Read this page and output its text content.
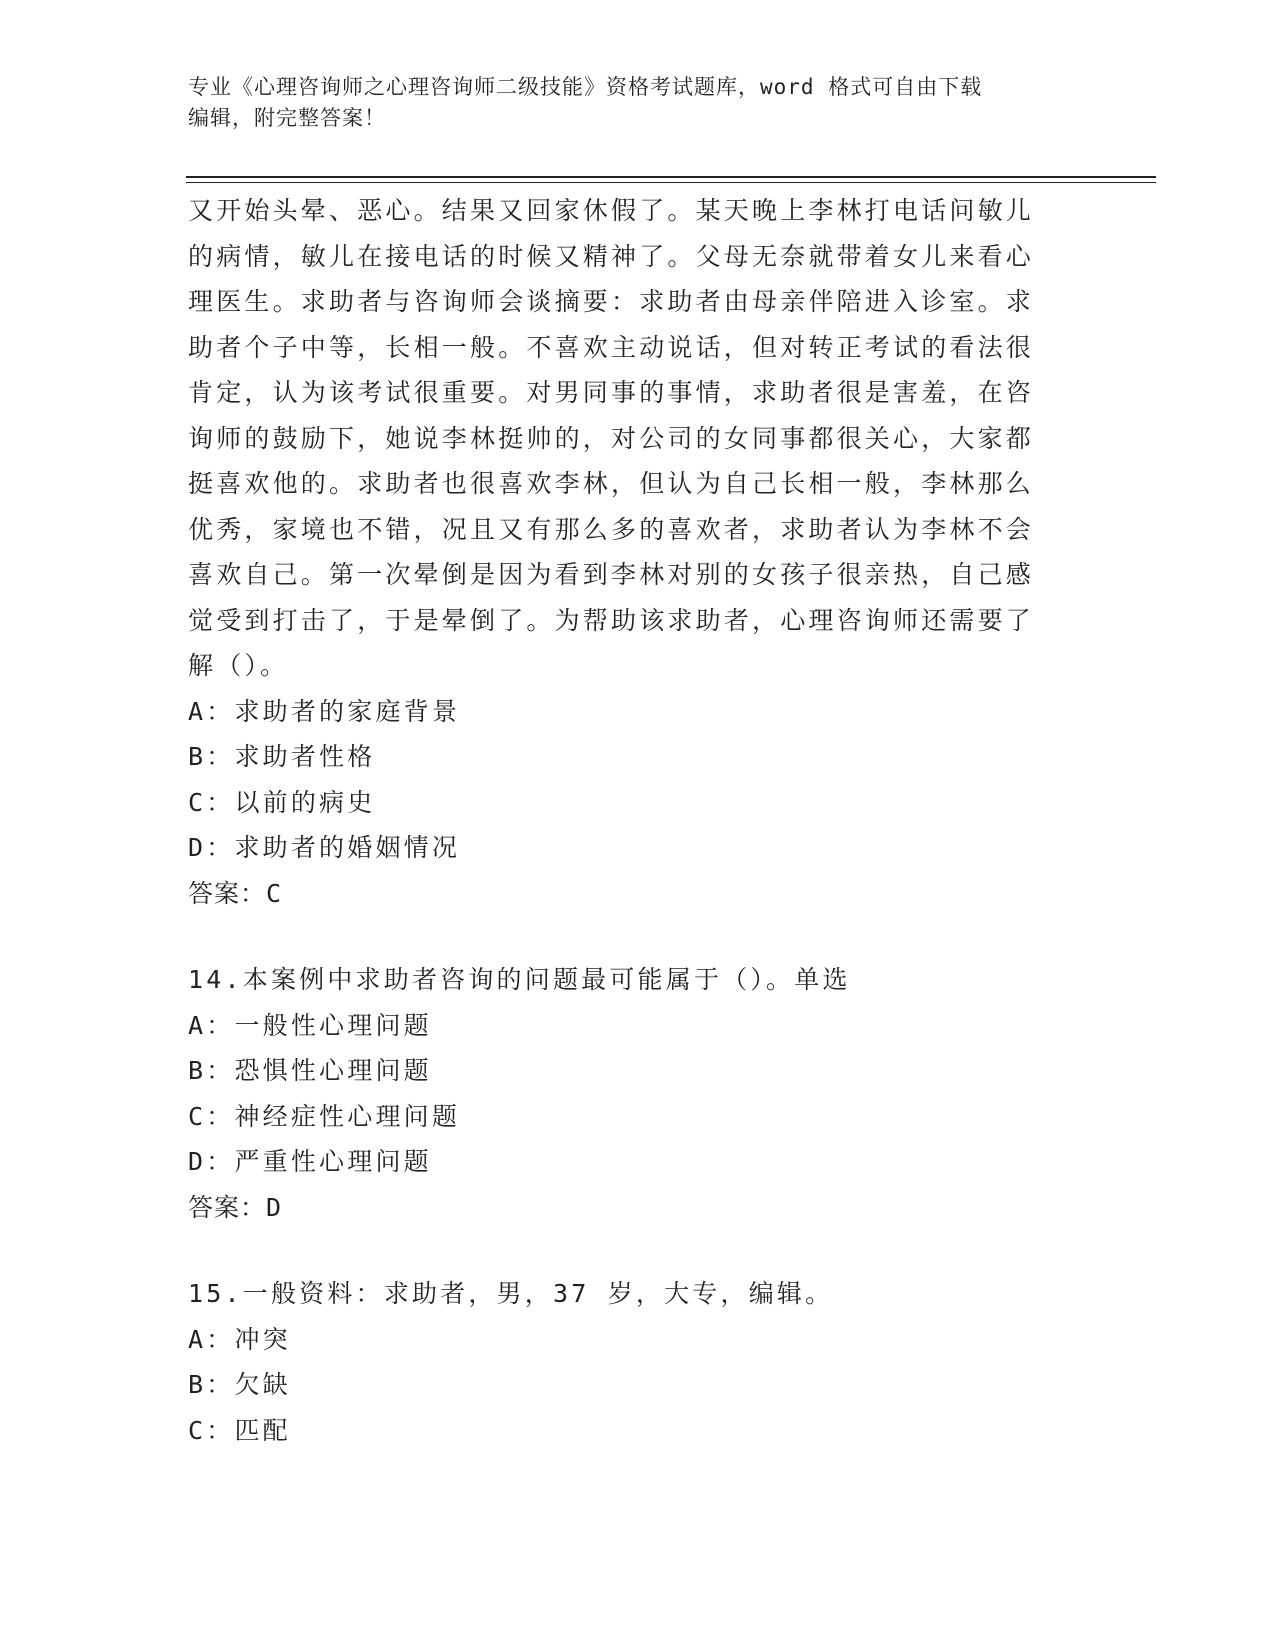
专业《心理咨询师之心理咨询师二级技能》资格考试题库，word 格式可自由下载
编辑，附完整答案！
又开始头晕、恶心。结果又回家休假了。某天晚上李林打电话问敏儿
的病情，敏儿在接电话的时候又精神了。父母无奈就带着女儿来看心
理医生。求助者与咨询师会谈摘要：求助者由母亲伴陪进入诊室。求
助者个子中等，长相一般。不喜欢主动说话，但对转正考试的看法很
肯定，认为该考试很重要。对男同事的事情，求助者很是害羞，在咨
询师的鼓励下，她说李林挺帅的，对公司的女同事都很关心，大家都
挺喜欢他的。求助者也很喜欢李林，但认为自己长相一般，李林那么
优秀，家境也不错，况且又有那么多的喜欢者，求助者认为李林不会
喜欢自己。第一次晕倒是因为看到李林对别的女孩子很亲热，自己感
觉受到打击了，于是晕倒了。为帮助该求助者，心理咨询师还需要了
解（）。
A：求助者的家庭背景
B：求助者性格
C：以前的病史
D：求助者的婚姻情况
答案：C
14.本案例中求助者咨询的问题最可能属于（）。单选
A：一般性心理问题
B：恐惧性心理问题
C：神经症性心理问题
D：严重性心理问题
答案：D
15.一般资料：求助者，男，37 岁，大专，编辑。
A：冲突
B：欠缺
C：匹配
